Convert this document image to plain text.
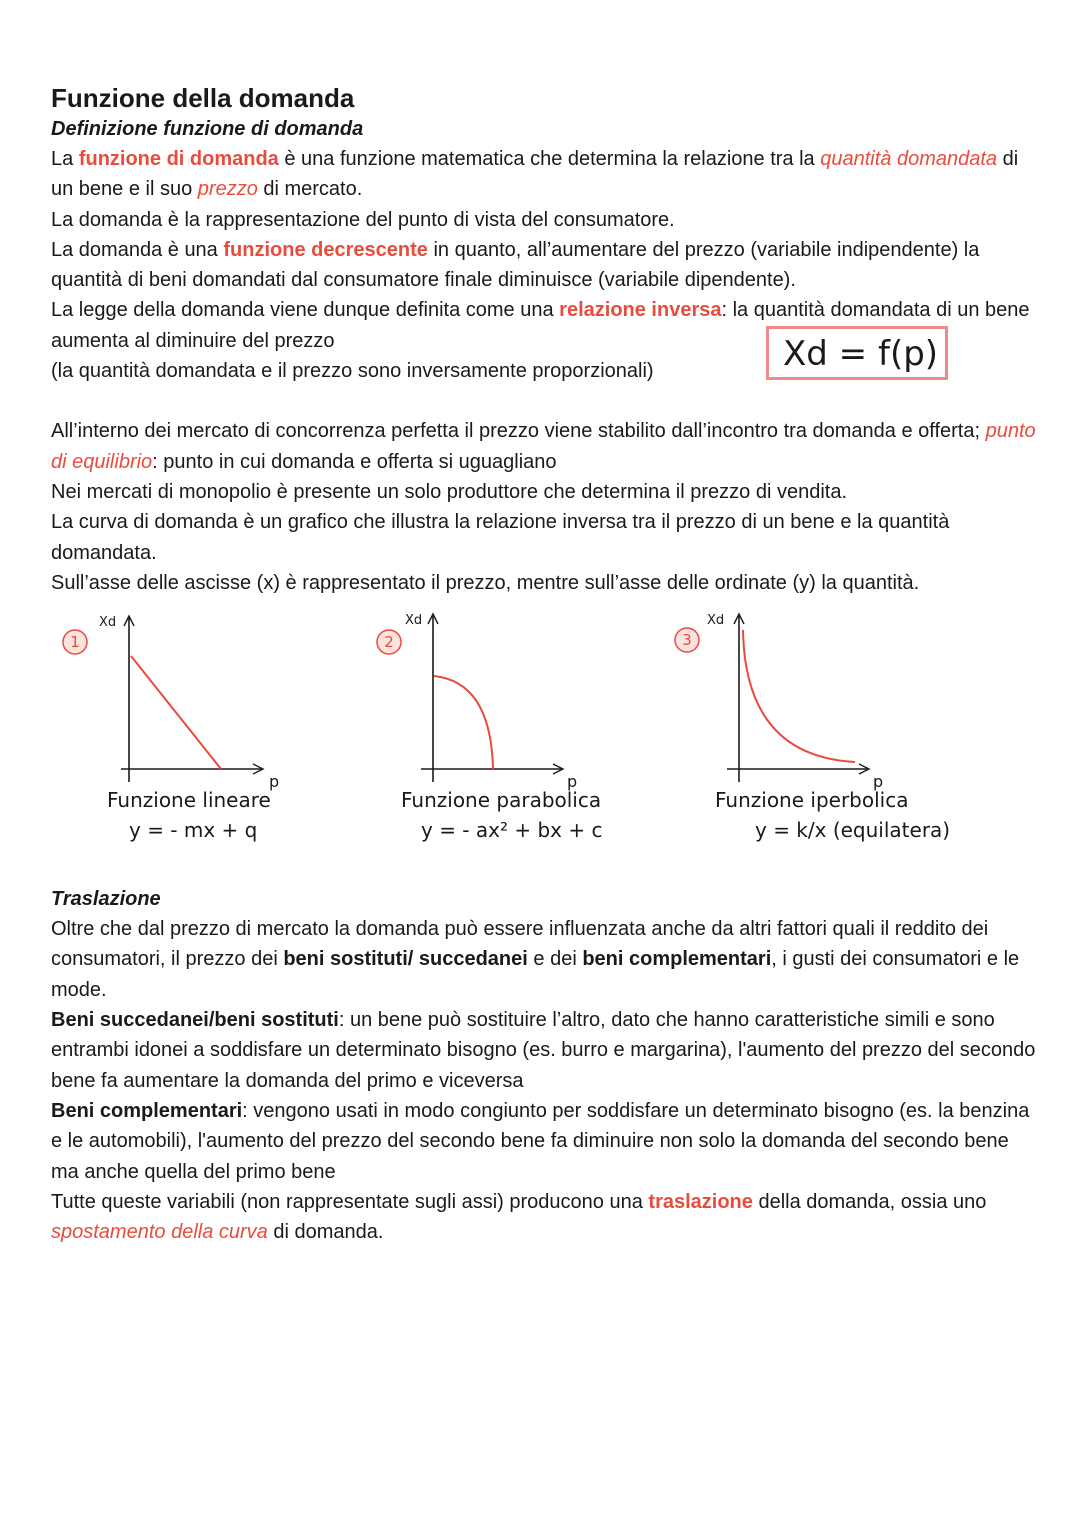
Funzione della domanda
Definizione funzione di domanda

La funzione di domanda è una funzione matematica che determina la relazione tra la quantità domandata di un bene e il suo prezzo di mercato.

La domanda è la rappresentazione del punto di vista del consumatore.

La domanda è una funzione decrescente in quanto, all’aumentare del prezzo (variabile indipendente) la quantità di beni domandati dal consumatore finale diminuisce (variabile dipendente).

La legge della domanda viene dunque definita come una relazione inversa: la quantità domandata di un bene aumenta al diminuire del prezzo

(la quantità domandata e il prezzo sono inversamente proporzionali)	Xd = f(p)

All’interno dei mercato di concorrenza perfetta il prezzo viene stabilito dall’incontro tra domanda e offerta; punto di equilibrio: punto in cui domanda e offerta si uguagliano

Nei mercati di monopolio è presente un solo produttore che determina il prezzo di vendita.

La curva di domanda è un grafico che illustra la relazione inversa tra il prezzo di un bene e la quantità domandata.

Sull’asse delle ascisse (x) è rappresentato il prezzo, mentre sull’asse delle ordinate (y) la quantità.

1
Xd
p
Funzione lineare
y = - mx + q
2
Xd
p
Funzione parabolica
y = - ax² + bx + c
3
Xd
p
Funzione iperbolica
y = k/x (equilatera)
Traslazione

Oltre che dal prezzo di mercato la domanda può essere influenzata anche da altri fattori quali il reddito dei consumatori, il prezzo dei beni sostituti/ succedanei e dei beni complementari, i gusti dei consumatori e le mode.

Beni succedanei/beni sostituti: un bene può sostituire l’altro, dato che hanno caratteristiche simili e sono entrambi idonei a soddisfare un determinato bisogno (es. burro e margarina), l'aumento del prezzo del secondo bene fa aumentare la domanda del primo e viceversa

Beni complementari: vengono usati in modo congiunto per soddisfare un determinato bisogno (es. la benzina e le automobili), l'aumento del prezzo del secondo bene fa diminuire non solo la domanda del secondo bene ma anche quella del primo bene

Tutte queste variabili (non rappresentate sugli assi) producono una traslazione della domanda, ossia uno spostamento della curva di domanda.
